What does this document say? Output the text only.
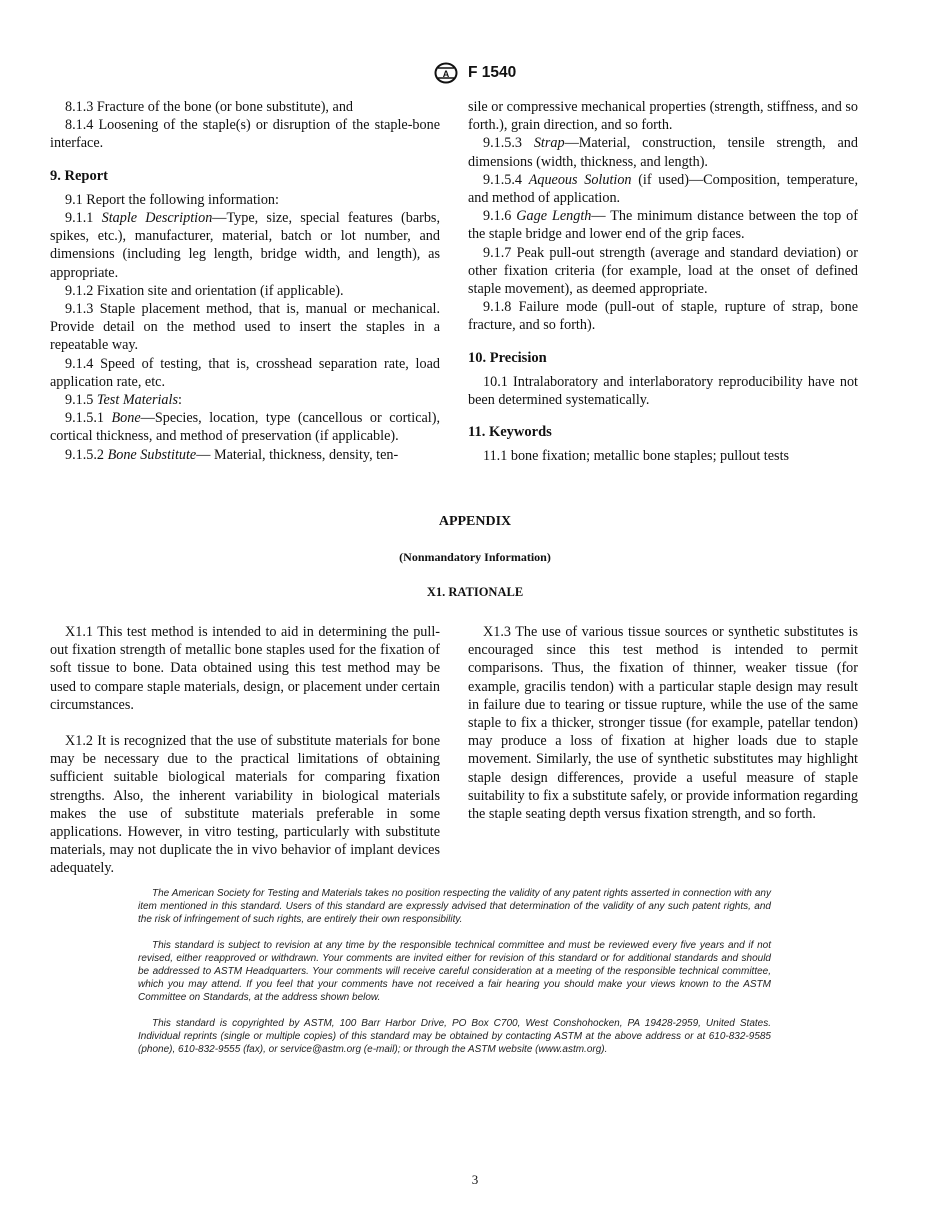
A F 1540

8.1.3 Fracture of the bone (or bone substitute), and

8.1.4 Loosening of the staple(s) or disruption of the staple-bone interface.

9. Report

9.1 Report the following information:

9.1.1 Staple Description—Type, size, special features (barbs, spikes, etc.), manufacturer, material, batch or lot number, and dimensions (including leg length, bridge width, and length), as appropriate.

9.1.2 Fixation site and orientation (if applicable).

9.1.3 Staple placement method, that is, manual or mechanical. Provide detail on the method used to insert the staples in a repeatable way.

9.1.4 Speed of testing, that is, crosshead separation rate, load application rate, etc.

9.1.5 Test Materials:

9.1.5.1 Bone—Species, location, type (cancellous or cortical), cortical thickness, and method of preservation (if applicable).

9.1.5.2 Bone Substitute— Material, thickness, density, ten-

sile or compressive mechanical properties (strength, stiffness, and so forth.), grain direction, and so forth.

9.1.5.3 Strap—Material, construction, tensile strength, and dimensions (width, thickness, and length).

9.1.5.4 Aqueous Solution (if used)—Composition, temperature, and method of application.

9.1.6 Gage Length— The minimum distance between the top of the staple bridge and lower end of the grip faces.

9.1.7 Peak pull-out strength (average and standard deviation) or other fixation criteria (for example, load at the onset of defined staple movement), as deemed appropriate.

9.1.8 Failure mode (pull-out of staple, rupture of strap, bone fracture, and so forth).

10. Precision

10.1 Intralaboratory and interlaboratory reproducibility have not been determined systematically.

11. Keywords

11.1 bone fixation; metallic bone staples; pullout tests

APPENDIX
(Nonmandatory Information)
X1. RATIONALE

X1.1 This test method is intended to aid in determining the pull-out fixation strength of metallic bone staples used for the fixation of soft tissue to bone. Data obtained using this test method may be used to compare staple materials, design, or placement under certain circumstances.

X1.2 It is recognized that the use of substitute materials for bone may be necessary due to the practical limitations of obtaining sufficient suitable biological materials for comparing fixation strengths. Also, the inherent variability in biological materials makes the use of substitute materials preferable in some applications. However, in vitro testing, particularly with substitute materials, may not duplicate the in vivo behavior of implant devices adequately.

X1.3 The use of various tissue sources or synthetic substitutes is encouraged since this test method is intended to permit comparisons. Thus, the fixation of thinner, weaker tissue (for example, gracilis tendon) with a particular staple design may result in failure due to tearing or tissue rupture, while the use of the same staple to fix a thicker, stronger tissue (for example, patellar tendon) may produce a loss of fixation at higher loads due to staple movement. Similarly, the use of synthetic substitutes may highlight staple design differences, provide a useful measure of staple suitability to fix a substitute safely, or provide information regarding the staple seating depth versus fixation strength, and so forth.

The American Society for Testing and Materials takes no position respecting the validity of any patent rights asserted in connection with any item mentioned in this standard. Users of this standard are expressly advised that determination of the validity of any such patent rights, and the risk of infringement of such rights, are entirely their own responsibility.

This standard is subject to revision at any time by the responsible technical committee and must be reviewed every five years and if not revised, either reapproved or withdrawn. Your comments are invited either for revision of this standard or for additional standards and should be addressed to ASTM Headquarters. Your comments will receive careful consideration at a meeting of the responsible technical committee, which you may attend. If you feel that your comments have not received a fair hearing you should make your views known to the ASTM Committee on Standards, at the address shown below.

This standard is copyrighted by ASTM, 100 Barr Harbor Drive, PO Box C700, West Conshohocken, PA 19428-2959, United States. Individual reprints (single or multiple copies) of this standard may be obtained by contacting ASTM at the above address or at 610-832-9585 (phone), 610-832-9555 (fax), or service@astm.org (e-mail); or through the ASTM website (www.astm.org).

3
